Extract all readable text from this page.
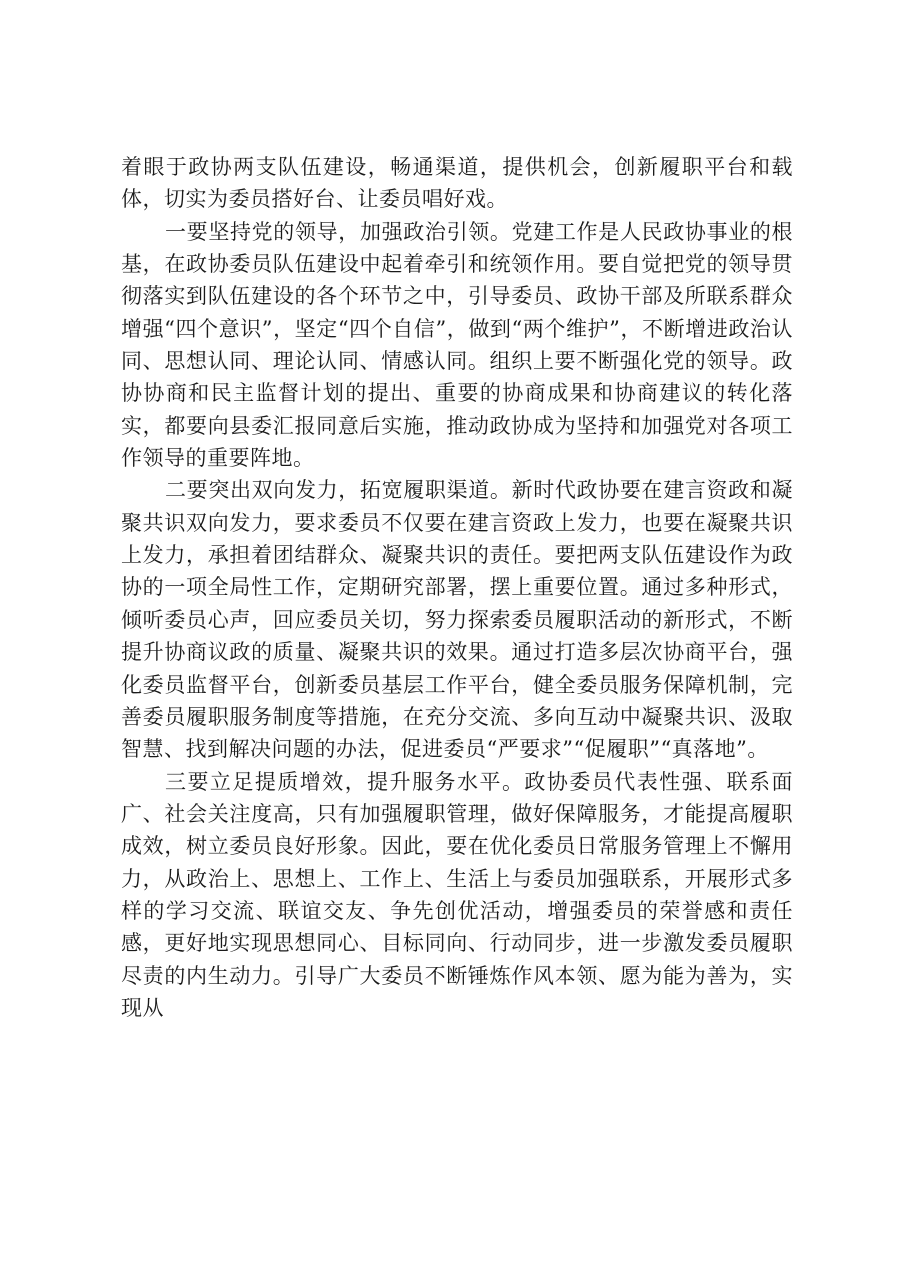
着眼于政协两支队伍建设，畅通渠道，提供机会，创新履职平台和载体，切实为委员搭好台、让委员唱好戏。

一要坚持党的领导，加强政治引领。党建工作是人民政协事业的根基，在政协委员队伍建设中起着牵引和统领作用。要自觉把党的领导贯彻落实到队伍建设的各个环节之中，引导委员、政协干部及所联系群众增强“四个意识”，坚定“四个自信”，做到“两个维护”，不断增进政治认同、思想认同、理论认同、情感认同。组织上要不断强化党的领导。政协协商和民主监督计划的提出、重要的协商成果和协商建议的转化落实，都要向县委汇报同意后实施，推动政协成为坚持和加强党对各项工作领导的重要阵地。

二要突出双向发力，拓宽履职渠道。新时代政协要在建言资政和凝聚共识双向发力，要求委员不仅要在建言资政上发力，也要在凝聚共识上发力，承担着团结群众、凝聚共识的责任。要把两支队伍建设作为政协的一项全局性工作，定期研究部署，摆上重要位置。通过多种形式，倾听委员心声，回应委员关切，努力探索委员履职活动的新形式，不断提升协商议政的质量、凝聚共识的效果。通过打造多层次协商平台，强化委员监督平台，创新委员基层工作平台，健全委员服务保障机制，完善委员履职服务制度等措施，在充分交流、多向互动中凝聚共识、汲取智慧、找到解决问题的办法，促进委员“严要求”“促履职”“真落地”。

三要立足提质增效，提升服务水平。政协委员代表性强、联系面广、社会关注度高，只有加强履职管理，做好保障服务，才能提高履职成效，树立委员良好形象。因此，要在优化委员日常服务管理上不懈用力，从政治上、思想上、工作上、生活上与委员加强联系，开展形式多样的学习交流、联谊交友、争先创优活动，增强委员的荣誉感和责任感，更好地实现思想同心、目标同向、行动同步，进一步激发委员履职尽责的内生动力。引导广大委员不断锤炼作风本领、愿为能为善为，实现从
